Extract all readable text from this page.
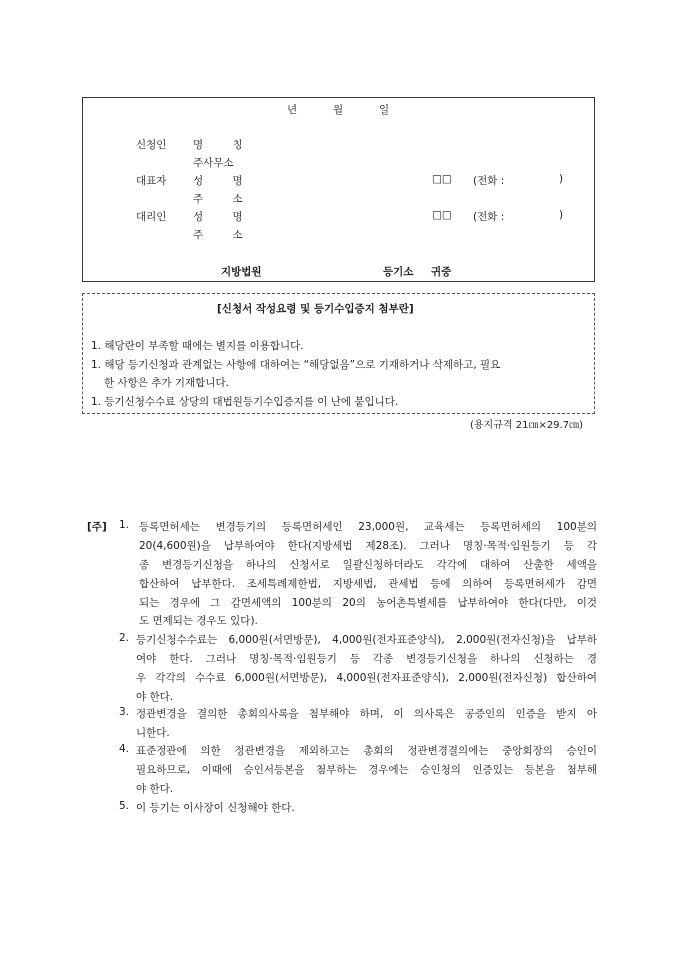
년	월	일
신청인	명 칭
주사무소
대표자	성 명
주 소
□□ (전화 :	)
대리인	성 명
주 소
□□ (전화 :	)
지방법원	등기소 귀중
[신청서 작성요령 및 등기수입증지 첨부란]
1. 해당란이 부족할 때에는 별지를 이용합니다.
1. 해당 등기신청과 관계없는 사항에 대하여는 “해당없음”으로 기재하거나 삭제하고, 필요
한 사항은 추가 기재합니다.
1. 등기신청수수료 상당의 대법원등기수입증지를 이 난에 붙입니다.
(용지규격 21㎝×29.7㎝)
[주] 1. 등록면허세는 변경등기의 등록면허세인 23,000원, 교육세는 등록면허세의 100분의
20(4,600원)을 납부하여야 한다(지방세법 제28조). 그러나 명칭·목적·임원등기 등 각
종 변경등기신청을 하나의 신청서로 일괄신청하더라도 각각에 대하여 산출한 세액을
합산하여 납부한다. 조세특례제한법, 지방세법, 관세법 등에 의하여 등록면허세가 감면
되는 경우에 그 감면세액의 100분의 20의 농어촌특별세를 납부하여야 한다(다만, 이것
도 면제되는 경우도 있다).
2. 등기신청수수료는 6,000원(서면방문), 4,000원(전자표준양식), 2,000원(전자신청)을 납부하
여야 한다. 그러나 명칭·목적·임원등기 등 각종 변경등기신청을 하나의 신청하는 경
우 각각의 수수료 6,000원(서면방문), 4,000원(전자표준양식), 2,000원(전자신청) 합산하여
야 한다.
3. 정관변경을 결의한 총회의사록을 첨부해야 하며, 이 의사록은 공증인의 인증을 받지 아
니한다.
4. 표준정관에 의한 정관변경을 제외하고는 총회의 정관변경결의에는 중앙회장의 승인이
필요하므로, 이때에 승인서등본을 첨부하는 경우에는 승인청의 인증있는 등본을 첨부해
야 한다.
5. 이 등기는 이사장이 신청해야 한다.
